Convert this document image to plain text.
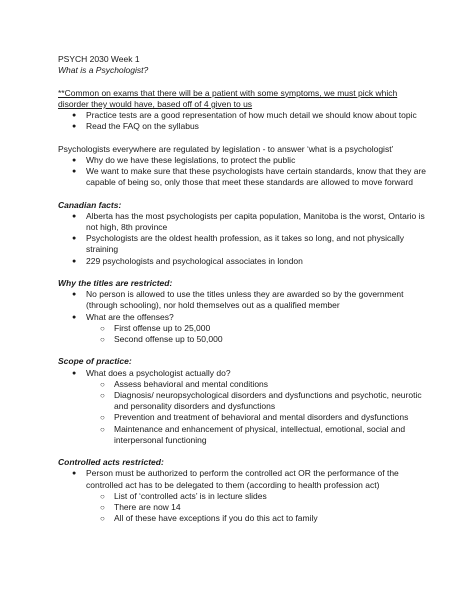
PSYCH 2030 Week 1

What is a Psychologist?

**Common on exams that there will be a patient with some symptoms, we must pick which disorder they would have, based off of 4 given to us

● Practice tests are a good representation of how much detail we should know about topic
● Read the FAQ on the syllabus

Psychologists everywhere are regulated by legislation - to answer ‘what is a psychologist’

● Why do we have these legislations, to protect the public
● We want to make sure that these psychologists have certain standards, know that they are capable of being so, only those that meet these standards are allowed to move forward

Canadian facts:

● Alberta has the most psychologists per capita population, Manitoba is the worst, Ontario is not high, 8th province
● Psychologists are the oldest health profession, as it takes so long, and not physically straining
● 229 psychologists and psychological associates in london

Why the titles are restricted:

● No person is allowed to use the titles unless they are awarded so by the government (through schooling), nor hold themselves out as a qualified member
● What are the offenses?
○ First offense up to 25,000
○ Second offense up to 50,000

Scope of practice:

● What does a psychologist actually do?
○ Assess behavioral and mental conditions
○ Diagnosis/ neuropsychological disorders and dysfunctions and psychotic, neurotic and personality disorders and dysfunctions
○ Prevention and treatment of behavioral and mental disorders and dysfunctions
○ Maintenance and enhancement of physical, intellectual, emotional, social and interpersonal functioning

Controlled acts restricted:

● Person must be authorized to perform the controlled act OR the performance of the controlled act has to be delegated to them (according to health profession act)
○ List of ‘controlled acts’ is in lecture slides
○ There are now 14
○ All of these have exceptions if you do this act to family
